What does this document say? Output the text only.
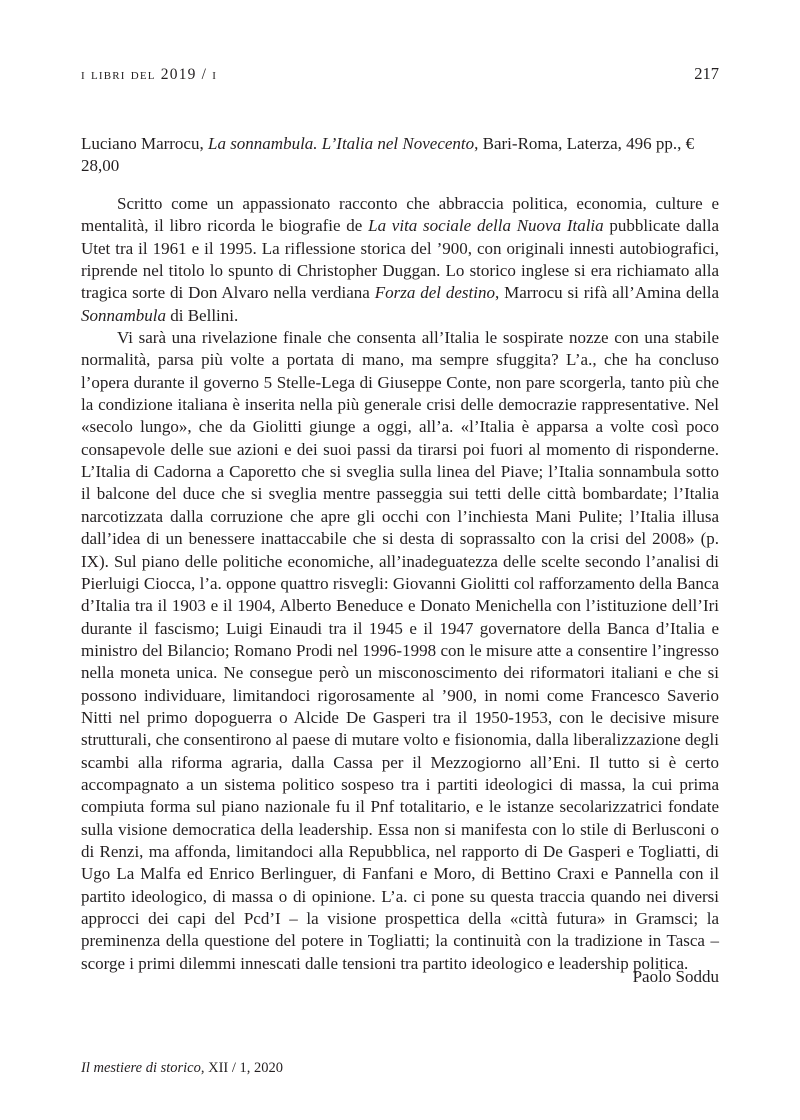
i libri del 2019 / i	217

Luciano Marrocu, La sonnambula. L’Italia nel Novecento, Bari-Roma, Laterza, 496 pp., € 28,00

Scritto come un appassionato racconto che abbraccia politica, economia, culture e mentalità, il libro ricorda le biografie de La vita sociale della Nuova Italia pubblicate dalla Utet tra il 1961 e il 1995. La riflessione storica del ’900, con originali innesti autobiografici, riprende nel titolo lo spunto di Christopher Duggan. Lo storico inglese si era richiamato alla tragica sorte di Don Alvaro nella verdiana Forza del destino, Marrocu si rifà all’Amina della Sonnambula di Bellini.

Vi sarà una rivelazione finale che consenta all’Italia le sospirate nozze con una stabile normalità, parsa più volte a portata di mano, ma sempre sfuggita? L’a., che ha concluso l’opera durante il governo 5 Stelle-Lega di Giuseppe Conte, non pare scorgerla, tanto più che la condizione italiana è inserita nella più generale crisi delle democrazie rappresentative. Nel «secolo lungo», che da Giolitti giunge a oggi, all’a. «l’Italia è apparsa a volte così poco consapevole delle sue azioni e dei suoi passi da tirarsi poi fuori al momento di risponderne. L’Italia di Cadorna a Caporetto che si sveglia sulla linea del Piave; l’Italia sonnambula sotto il balcone del duce che si sveglia mentre passeggia sui tetti delle città bombardate; l’Italia narcotizzata dalla corruzione che apre gli occhi con l’inchiesta Mani Pulite; l’Italia illusa dall’idea di un benessere inattaccabile che si desta di soprassalto con la crisi del 2008» (p. IX). Sul piano delle politiche economiche, all’inadeguatezza delle scelte secondo l’analisi di Pierluigi Ciocca, l’a. oppone quattro risvegli: Giovanni Giolitti col rafforzamento della Banca d’Italia tra il 1903 e il 1904, Alberto Beneduce e Donato Menichella con l’istituzione dell’Iri durante il fascismo; Luigi Einaudi tra il 1945 e il 1947 governatore della Banca d’Italia e ministro del Bilancio; Romano Prodi nel 1996-1998 con le misure atte a consentire l’ingresso nella moneta unica. Ne consegue però un misconoscimento dei riformatori italiani e che si possono individuare, limitandoci rigorosamente al ’900, in nomi come Francesco Saverio Nitti nel primo dopoguerra o Alcide De Gasperi tra il 1950-1953, con le decisive misure strutturali, che consentirono al paese di mutare volto e fisionomia, dalla liberalizzazione degli scambi alla riforma agraria, dalla Cassa per il Mezzogiorno all’Eni. Il tutto si è certo accompagnato a un sistema politico sospeso tra i partiti ideologici di massa, la cui prima compiuta forma sul piano nazionale fu il Pnf totalitario, e le istanze secolarizzatrici fondate sulla visione democratica della leadership. Essa non si manifesta con lo stile di Berlusconi o di Renzi, ma affonda, limitandoci alla Repubblica, nel rapporto di De Gasperi e Togliatti, di Ugo La Malfa ed Enrico Berlinguer, di Fanfani e Moro, di Bettino Craxi e Pannella con il partito ideologico, di massa o di opinione. L’a. ci pone su questa traccia quando nei diversi approcci dei capi del Pcd’I – la visione prospettica della «città futura» in Gramsci; la preminenza della questione del potere in Togliatti; la continuità con la tradizione in Tasca – scorge i primi dilemmi innescati dalle tensioni tra partito ideologico e leadership politica.

Paolo Soddu
Il mestiere di storico, XII / 1, 2020
